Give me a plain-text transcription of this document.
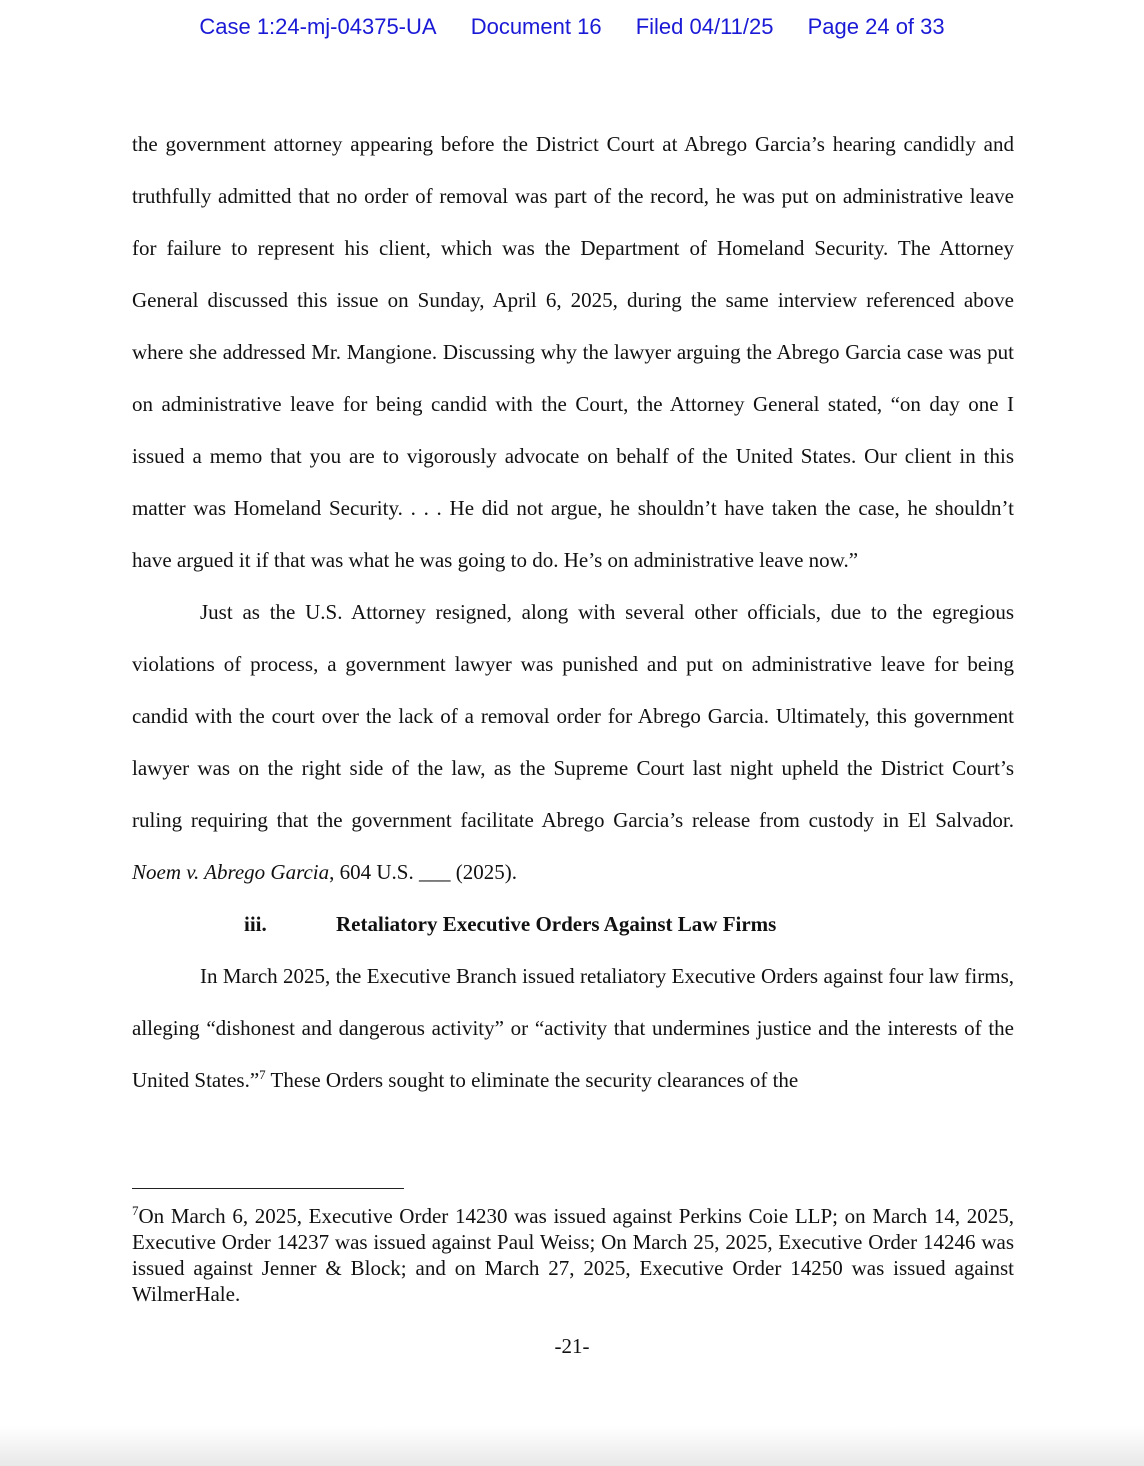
Case 1:24-mj-04375-UA Document 16 Filed 04/11/25 Page 24 of 33

the government attorney appearing before the District Court at Abrego Garcia’s hearing candidly and truthfully admitted that no order of removal was part of the record, he was put on administrative leave for failure to represent his client, which was the Department of Homeland Security. The Attorney General discussed this issue on Sunday, April 6, 2025, during the same interview referenced above where she addressed Mr. Mangione. Discussing why the lawyer arguing the Abrego Garcia case was put on administrative leave for being candid with the Court, the Attorney General stated, “on day one I issued a memo that you are to vigorously advocate on behalf of the United States. Our client in this matter was Homeland Security. . . . He did not argue, he shouldn’t have taken the case, he shouldn’t have argued it if that was what he was going to do. He’s on administrative leave now.”

Just as the U.S. Attorney resigned, along with several other officials, due to the egregious violations of process, a government lawyer was punished and put on administrative leave for being candid with the court over the lack of a removal order for Abrego Garcia. Ultimately, this government lawyer was on the right side of the law, as the Supreme Court last night upheld the District Court’s ruling requiring that the government facilitate Abrego Garcia’s release from custody in El Salvador. Noem v. Abrego Garcia, 604 U.S. ___ (2025).

iii.	Retaliatory Executive Orders Against Law Firms

In March 2025, the Executive Branch issued retaliatory Executive Orders against four law firms, alleging “dishonest and dangerous activity” or “activity that undermines justice and the interests of the United States.”$^7$ These Orders sought to eliminate the security clearances of the

$^7$On March 6, 2025, Executive Order 14230 was issued against Perkins Coie LLP; on March 14, 2025, Executive Order 14237 was issued against Paul Weiss; On March 25, 2025, Executive Order 14246 was issued against Jenner & Block; and on March 27, 2025, Executive Order 14250 was issued against WilmerHale.

-21-
